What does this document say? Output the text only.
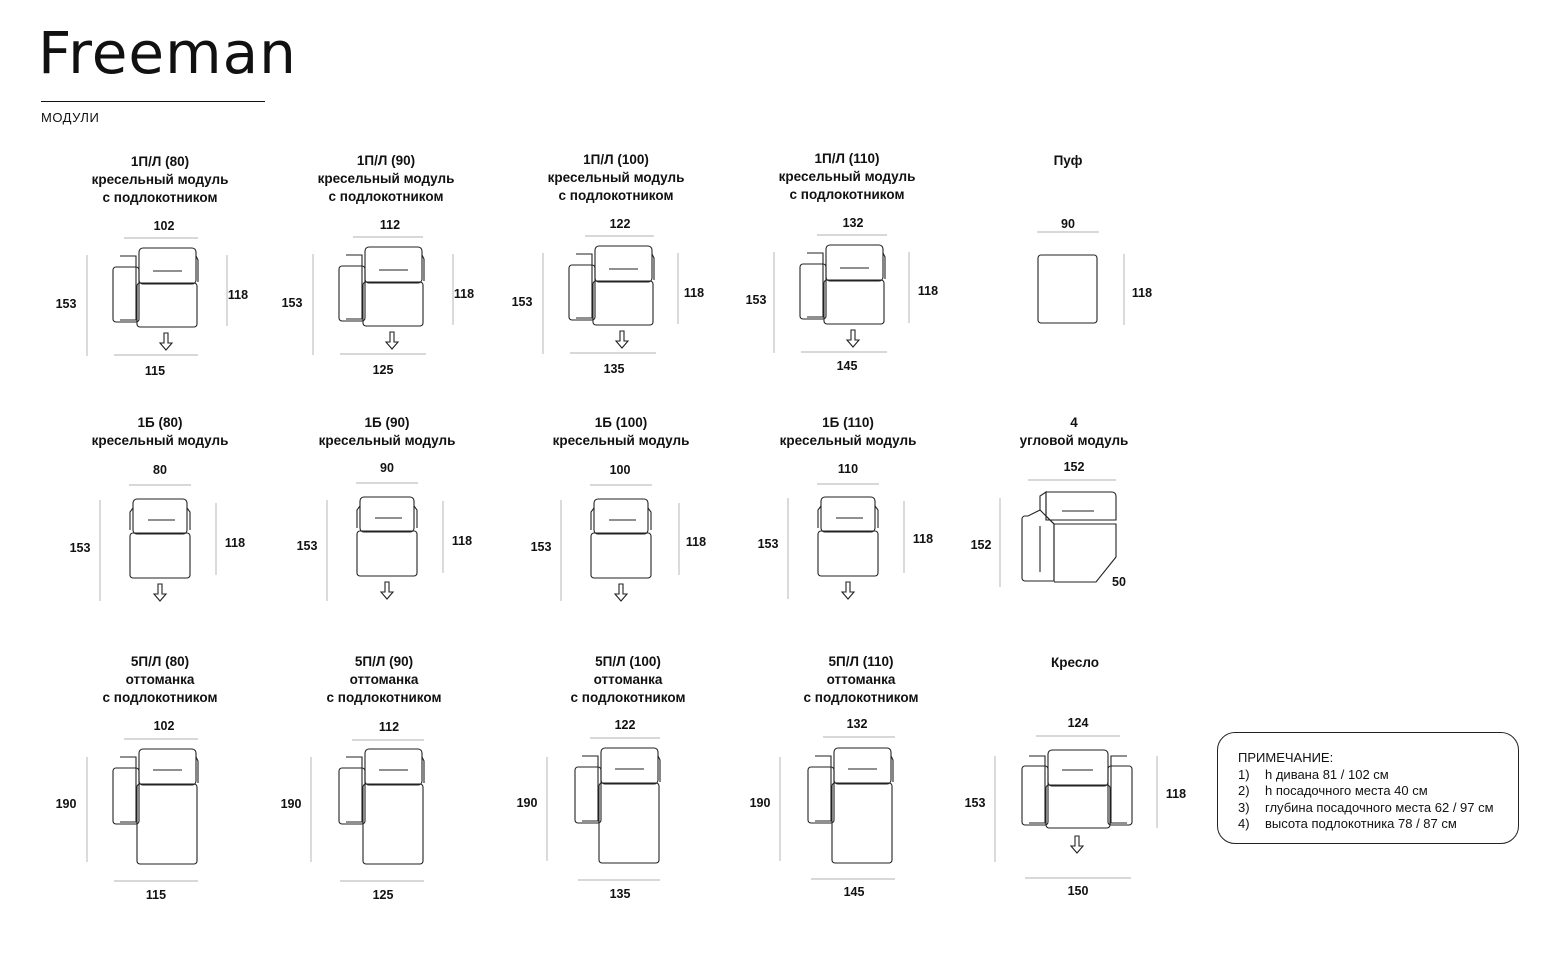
Freeman
МОДУЛИ
1П/Л (80)
кресельный модуль
с подлокотником
102
153
118
115
1П/Л (90)
кресельный модуль
с подлокотником
112
153
118
125
1П/Л (100)
кресельный модуль
с подлокотником
122
153
118
135
1П/Л (110)
кресельный модуль
с подлокотником
132
153
118
145
Пуф
90
118
1Б (80)
кресельный модуль
80
153	118
1Б (90)
кресельный модуль
90
153	118
1Б (100)
кресельный модуль
100
153	118
1Б (110)
кресельный модуль
110
153	118
4
угловой модуль
152
152
50
5П/Л (80)
оттоманка
с подлокотником
102
190
115
5П/Л (90)
оттоманка
с подлокотником
112
190
125
5П/Л (100)
оттоманка
с подлокотником
122
190
135
5П/Л (110)
оттоманка
с подлокотником
132
190
145
Кресло
124
153
118
150
ПРИМЕЧАНИЕ:
1)	h дивана 81 / 102 см
2)	h посадочного места 40 см
3)	глубина посадочного места 62 / 97 см
4)	высота подлокотника 78 / 87 см
